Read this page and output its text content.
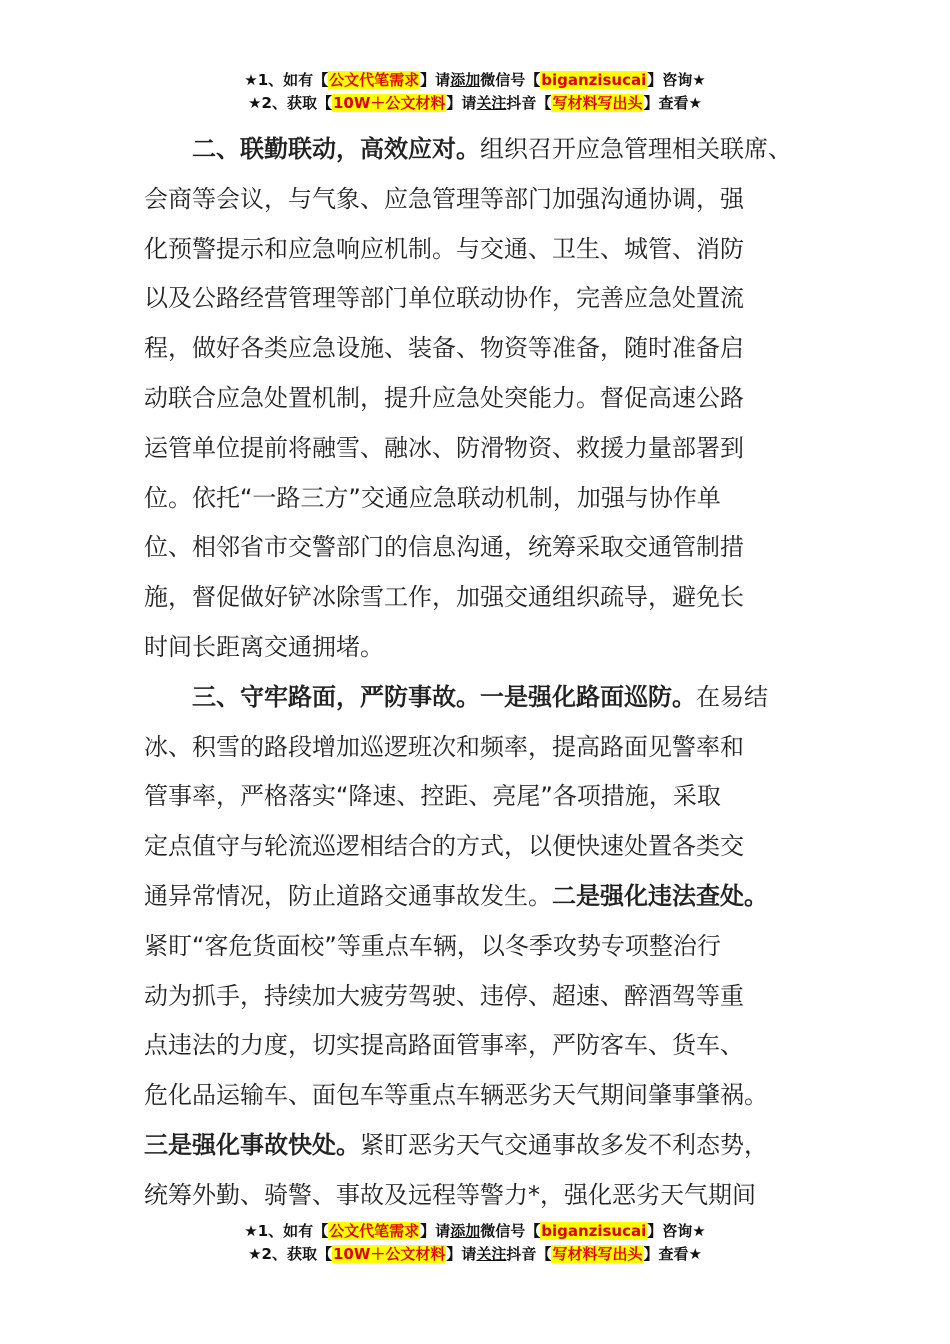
★1、如有【公文代笔需求】请添加微信号【biganzisucai】咨询★
★2、获取【10W＋公文材料】请关注抖音【写材料写出头】查看★
二、联勤联动，高效应对。组织召开应急管理相关联席、
会商等会议，与气象、应急管理等部门加强沟通协调，强
化预警提示和应急响应机制。与交通、卫生、城管、消防
以及公路经营管理等部门单位联动协作，完善应急处置流
程，做好各类应急设施、装备、物资等准备，随时准备启
动联合应急处置机制，提升应急处突能力。督促高速公路
运管单位提前将融雪、融冰、防滑物资、救援力量部署到
位。依托“一路三方”交通应急联动机制，加强与协作单
位、相邻省市交警部门的信息沟通，统筹采取交通管制措
施，督促做好铲冰除雪工作，加强交通组织疏导，避免长
时间长距离交通拥堵。
三、守牢路面，严防事故。一是强化路面巡防。在易结
冰、积雪的路段增加巡逻班次和频率，提高路面见警率和
管事率，严格落实“降速、控距、亮尾”各项措施，采取
定点值守与轮流巡逻相结合的方式，以便快速处置各类交
通异常情况，防止道路交通事故发生。二是强化违法查处。
紧盯“客危货面校”等重点车辆，以冬季攻势专项整治行
动为抓手，持续加大疲劳驾驶、违停、超速、醉酒驾等重
点违法的力度，切实提高路面管事率，严防客车、货车、
危化品运输车、面包车等重点车辆恶劣天气期间肇事肇祸。
三是强化事故快处。紧盯恶劣天气交通事故多发不利态势，
统筹外勤、骑警、事故及远程等警力*，强化恶劣天气期间
★1、如有【公文代笔需求】请添加微信号【biganzisucai】咨询★
★2、获取【10W＋公文材料】请关注抖音【写材料写出头】查看★
